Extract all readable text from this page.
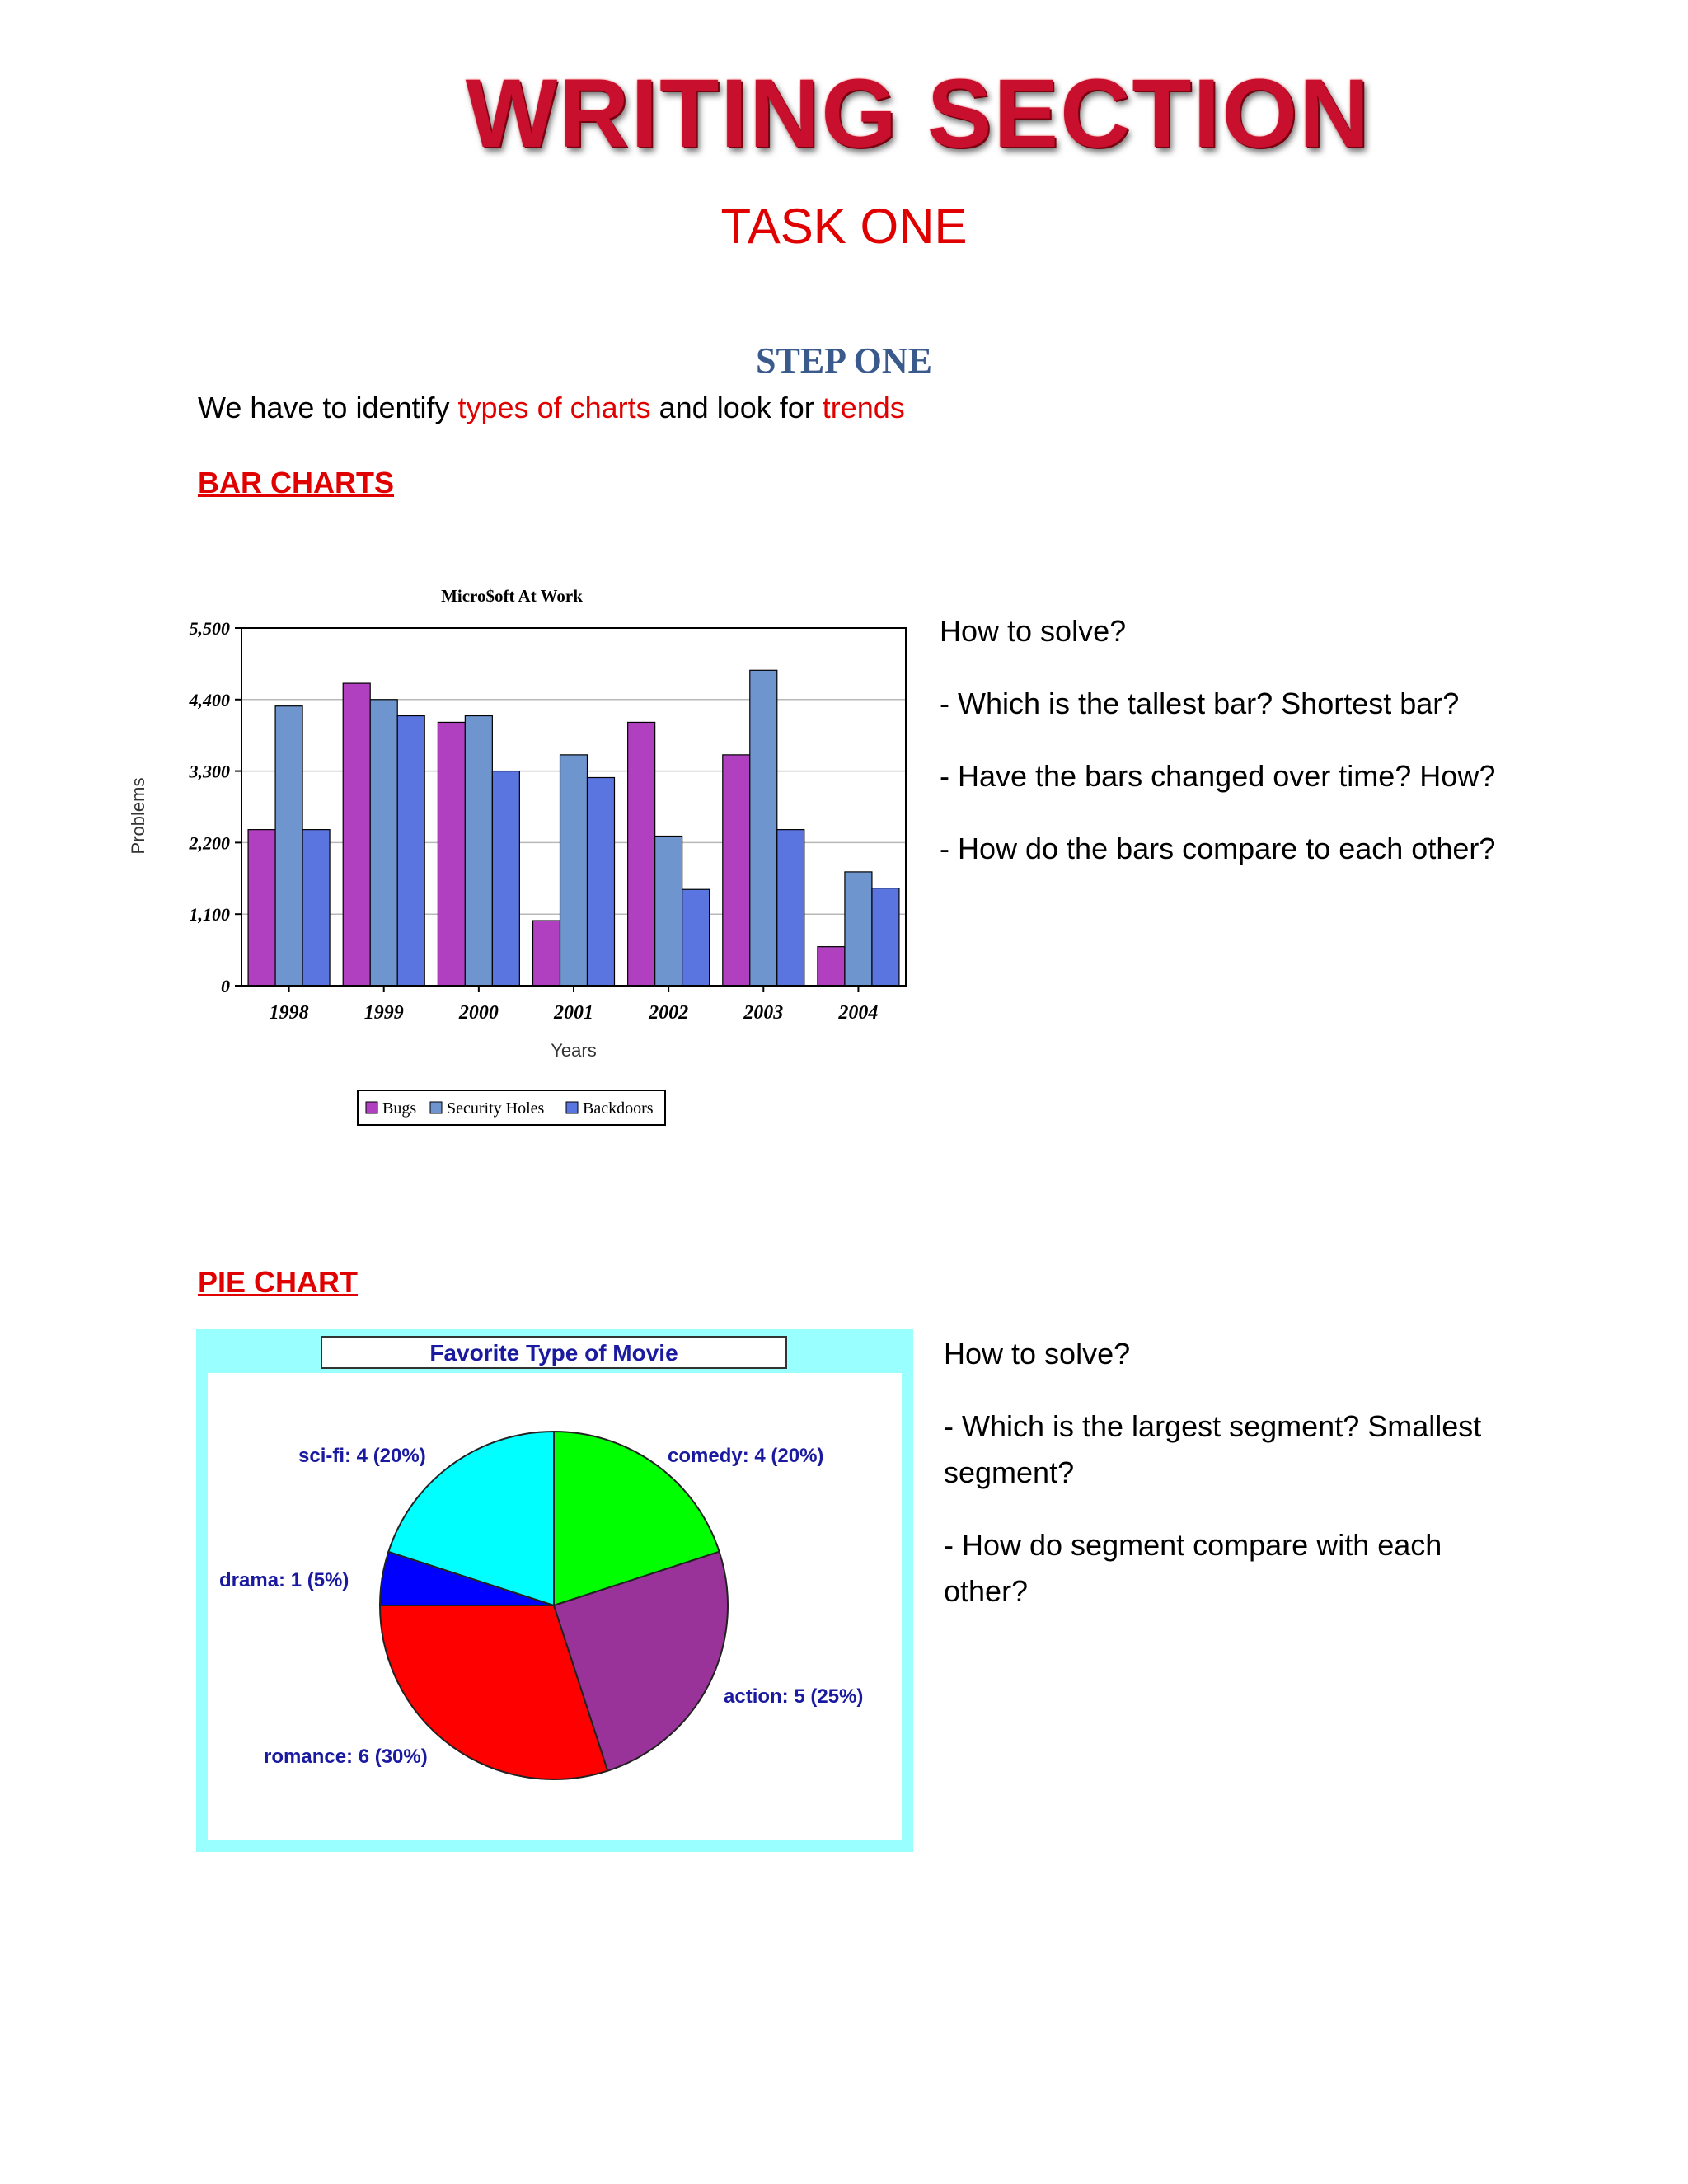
WRITING SECTION
TASK ONE
STEP ONE
We have to identify types of charts and look for trends
BAR CHARTS
Micro$oft At Work
0
1,100
2,200
3,300
4,400
5,500
1998	1999	2000	2001	2002	2003	2004
Years
Problems
Bugs Security Holes Backdoors

How to solve?

- Which is the tallest bar? Shortest bar?

- Have the bars changed over time? How?

- How do the bars compare to each other?

PIE CHART
Favorite Type of Movie
comedy: 4 (20%)
action: 5 (25%)
romance: 6 (30%)
drama: 1 (5%)
sci-fi: 4 (20%)

How to solve?

- Which is the largest segment? Smallest segment?

- How do segment compare with each other?
